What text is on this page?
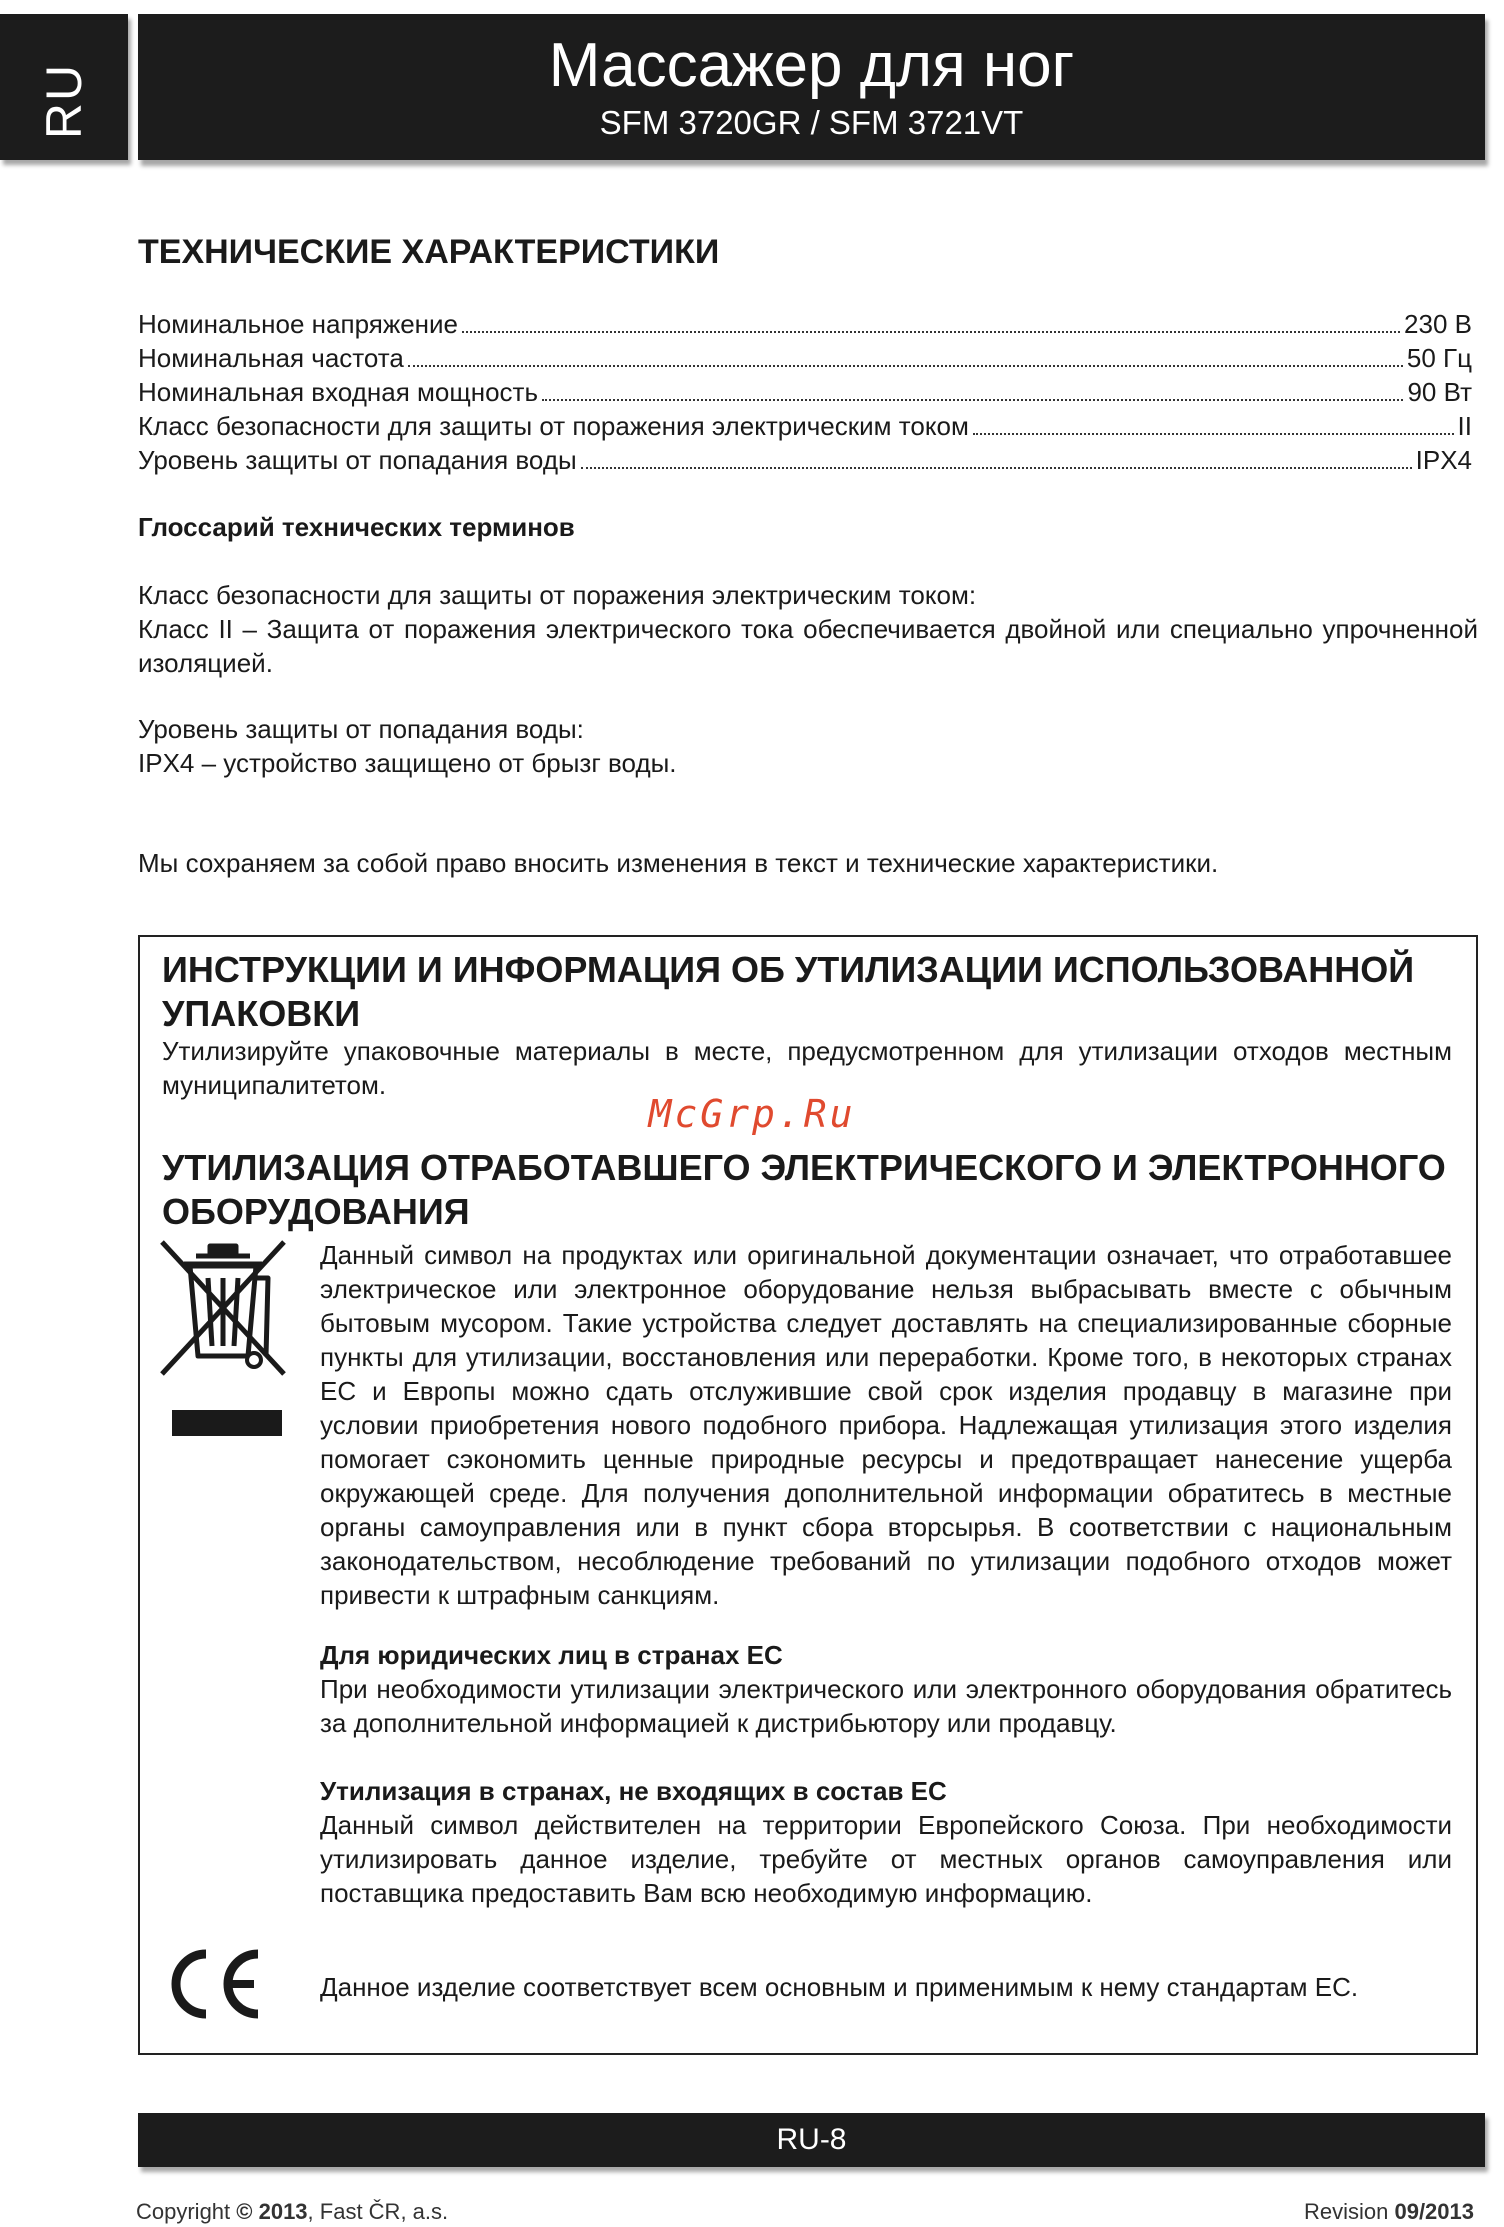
RU	Массажер для ног
SFM 3720GR / SFM 3721VT
ТЕХНИЧЕСКИЕ ХАРАКТЕРИСТИКИ
Номинальное напряжение	230 В
Номинальная частота	50 Гц
Номинальная входная мощность	90 Вт
Класс безопасности для защиты от поражения электрическим током	II
Уровень защиты от попадания воды	IPX4
Глоссарий технических терминов
Класс безопасности для защиты от поражения электрическим током:
Класс II – Защита от поражения электрического тока обеспечивается двойной или специально упрочненной изоляцией.
Уровень защиты от попадания воды:
IPX4 – устройство защищено от брызг воды.
Мы сохраняем за собой право вносить изменения в текст и технические характеристики.
ИНСТРУКЦИИ И ИНФОРМАЦИЯ ОБ УТИЛИЗАЦИИ ИСПОЛЬЗОВАННОЙ
УПАКОВКИ
Утилизируйте упаковочные материалы в месте, предусмотренном для утилизации отходов местным муниципалитетом.
McGrp.Ru
УТИЛИЗАЦИЯ ОТРАБОТАВШЕГО ЭЛЕКТРИЧЕСКОГО И ЭЛЕКТРОННОГО
ОБОРУДОВАНИЯ
Данный символ на продуктах или оригинальной документации означает, что отработавшее электрическое или электронное оборудование нельзя выбрасывать вместе с обычным бытовым мусором. Такие устройства следует доставлять на специализированные сборные пункты для утилизации, восстановления или переработки. Кроме того, в некоторых странах ЕС и Европы можно сдать отслужившие свой срок изделия продавцу в магазине при условии приобретения нового подобного прибора. Надлежащая утилизация этого изделия помогает сэкономить ценные природные ресурсы и предотвращает нанесение ущерба окружающей среде. Для получения дополнительной информации обратитесь в местные органы самоуправления или в пункт сбора вторсырья. В соответствии с национальным законодательством, несоблюдение требований по утилизации подобного отходов может привести к штрафным санкциям.
Для юридических лиц в странах ЕС
При необходимости утилизации электрического или электронного оборудования обратитесь за дополнительной информацией к дистрибьютору или продавцу.
Утилизация в странах, не входящих в состав ЕС
Данный символ действителен на территории Европейского Союза. При необходимости утилизировать данное изделие, требуйте от местных органов самоуправления или поставщика предоставить Вам всю необходимую информацию.
Данное изделие соответствует всем основным и применимым к нему стандартам ЕС.
RU-8
Copyright © 2013, Fast ČR, a.s.	Revision 09/2013
